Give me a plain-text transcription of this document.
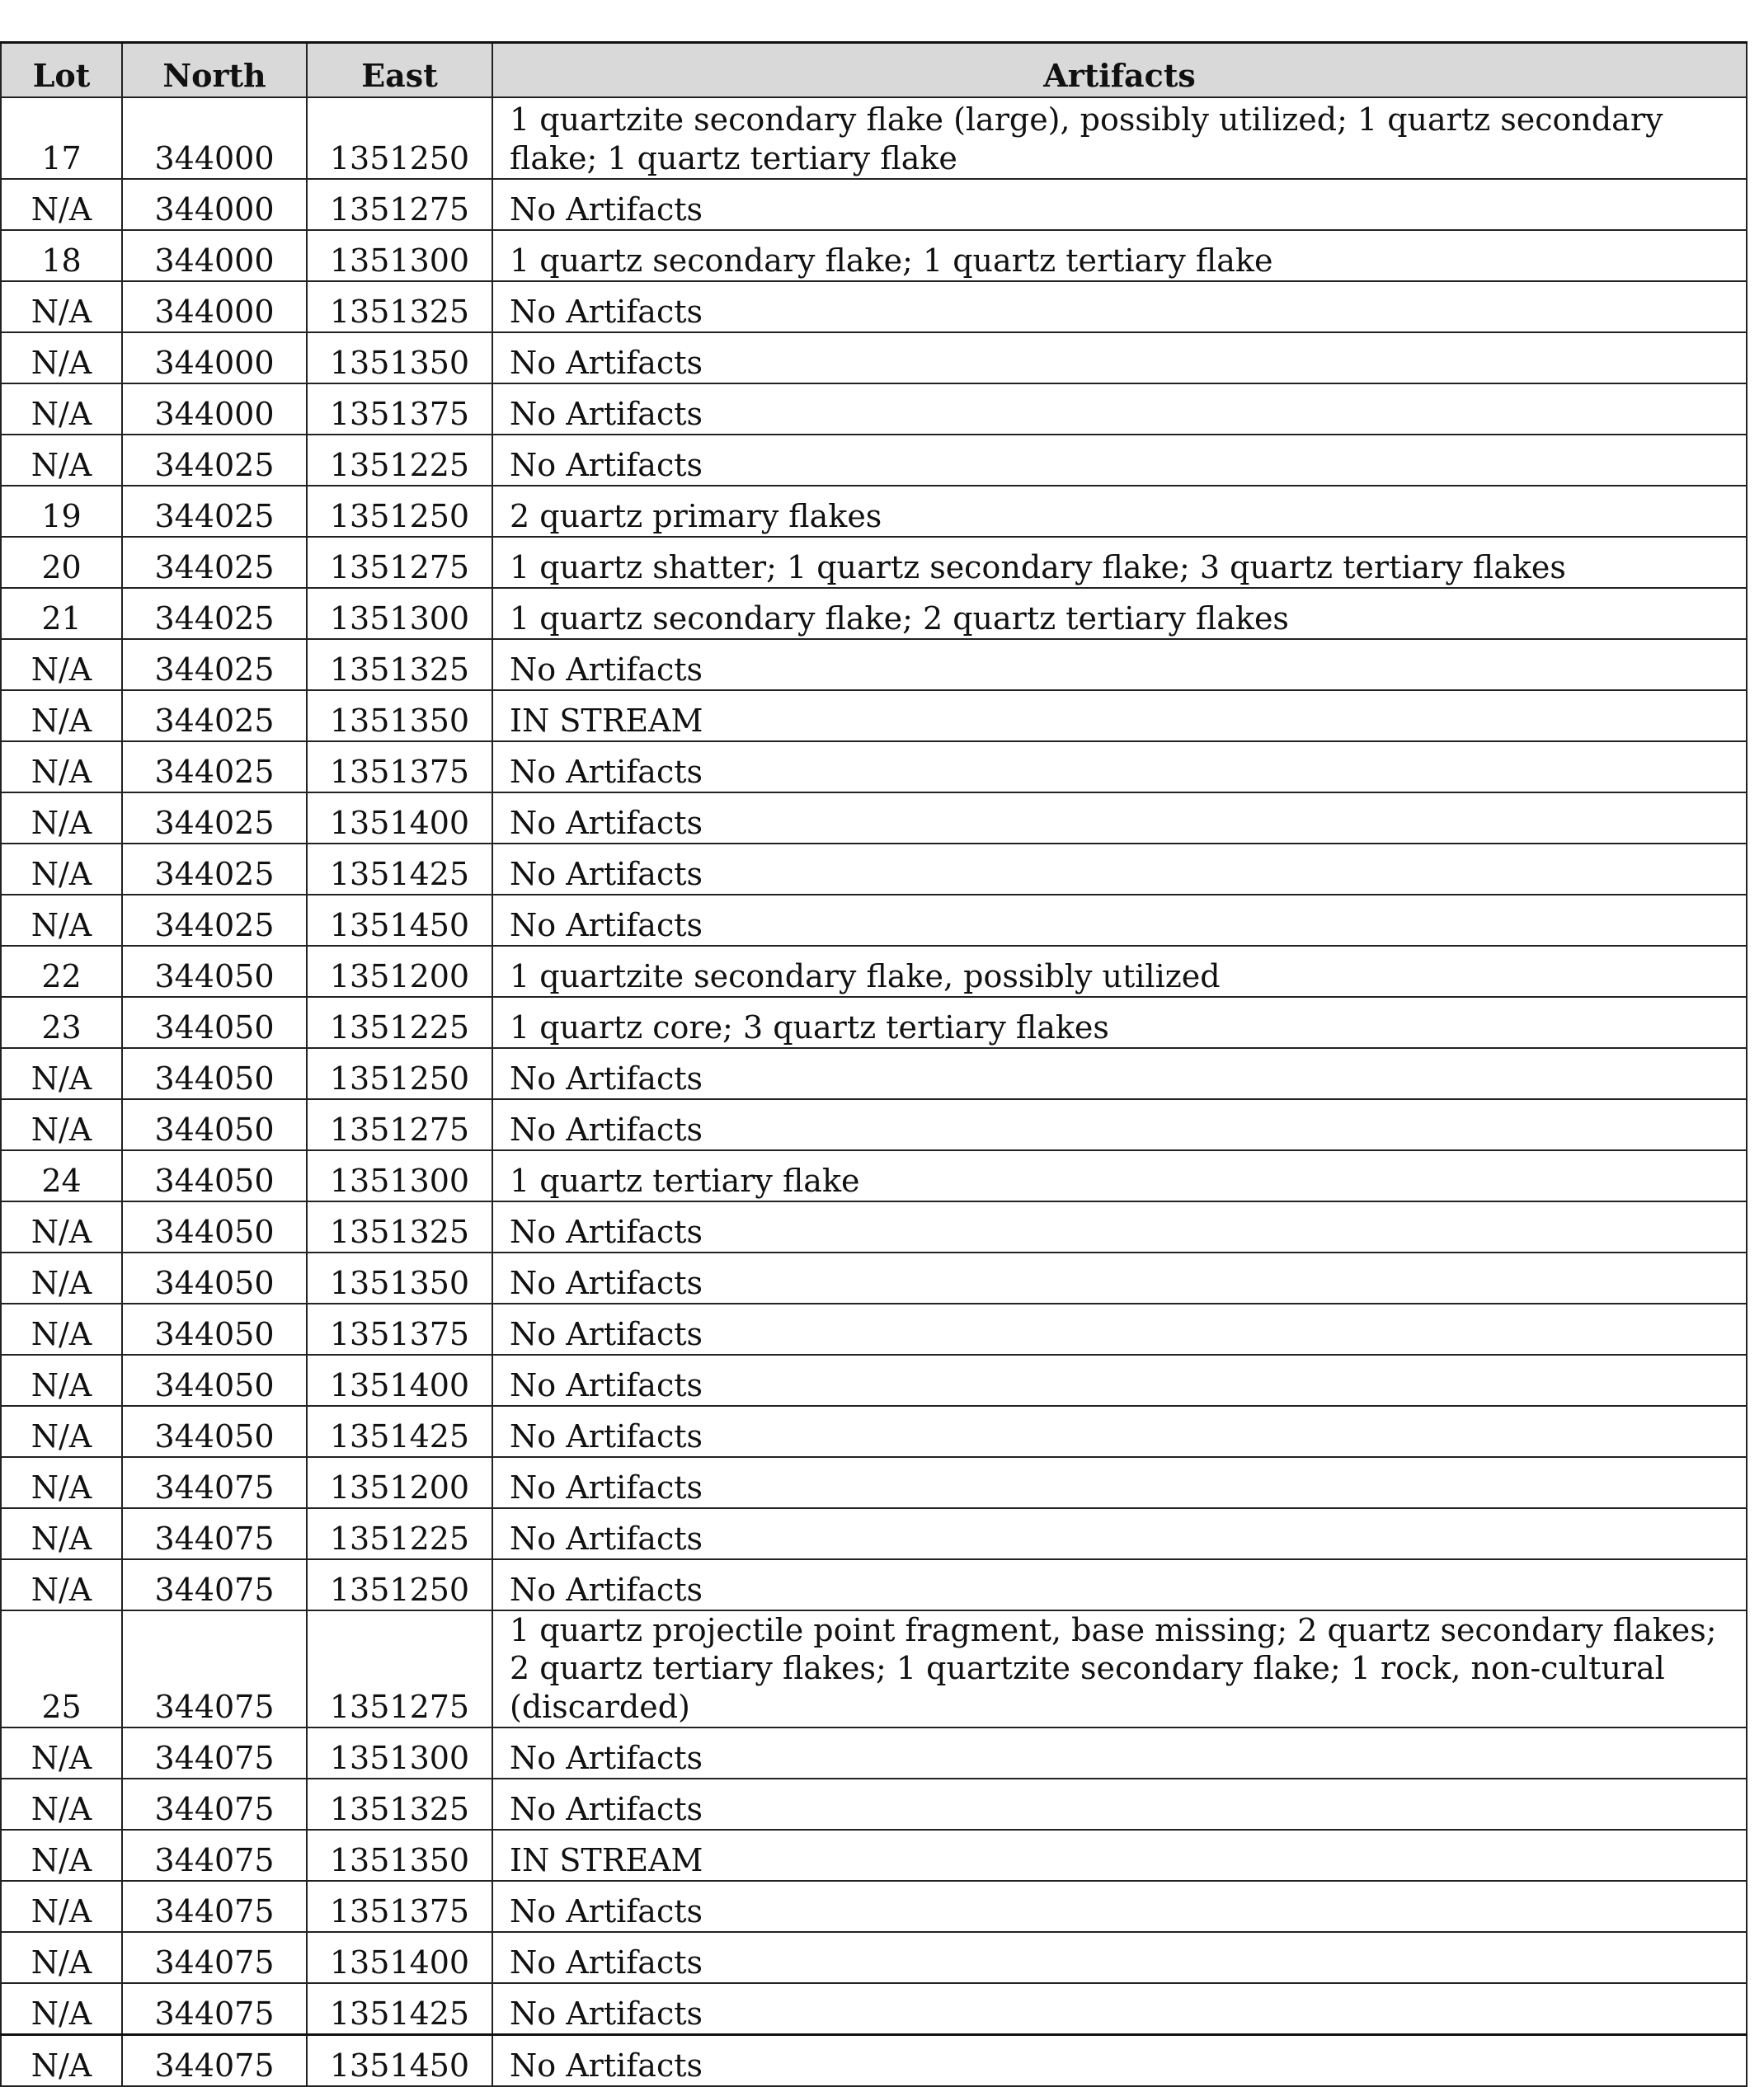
Lot	North	East	Artifacts
17	344000	1351250	1 quartzite secondary flake (large), possibly utilized; 1 quartz secondary flake; 1 quartz tertiary flake
N/A	344000	1351275	No Artifacts
18	344000	1351300	1 quartz secondary flake; 1 quartz tertiary flake
N/A	344000	1351325	No Artifacts
N/A	344000	1351350	No Artifacts
N/A	344000	1351375	No Artifacts
N/A	344025	1351225	No Artifacts
19	344025	1351250	2 quartz primary flakes
20	344025	1351275	1 quartz shatter; 1 quartz secondary flake; 3 quartz tertiary flakes
21	344025	1351300	1 quartz secondary flake; 2 quartz tertiary flakes
N/A	344025	1351325	No Artifacts
N/A	344025	1351350	IN STREAM
N/A	344025	1351375	No Artifacts
N/A	344025	1351400	No Artifacts
N/A	344025	1351425	No Artifacts
N/A	344025	1351450	No Artifacts
22	344050	1351200	1 quartzite secondary flake, possibly utilized
23	344050	1351225	1 quartz core; 3 quartz tertiary flakes
N/A	344050	1351250	No Artifacts
N/A	344050	1351275	No Artifacts
24	344050	1351300	1 quartz tertiary flake
N/A	344050	1351325	No Artifacts
N/A	344050	1351350	No Artifacts
N/A	344050	1351375	No Artifacts
N/A	344050	1351400	No Artifacts
N/A	344050	1351425	No Artifacts
N/A	344075	1351200	No Artifacts
N/A	344075	1351225	No Artifacts
N/A	344075	1351250	No Artifacts
25	344075	1351275	1 quartz projectile point fragment, base missing; 2 quartz secondary flakes; 2 quartz tertiary flakes; 1 quartzite secondary flake; 1 rock, non-cultural (discarded)
N/A	344075	1351300	No Artifacts
N/A	344075	1351325	No Artifacts
N/A	344075	1351350	IN STREAM
N/A	344075	1351375	No Artifacts
N/A	344075	1351400	No Artifacts
N/A	344075	1351425	No Artifacts
N/A	344075	1351450	No Artifacts
